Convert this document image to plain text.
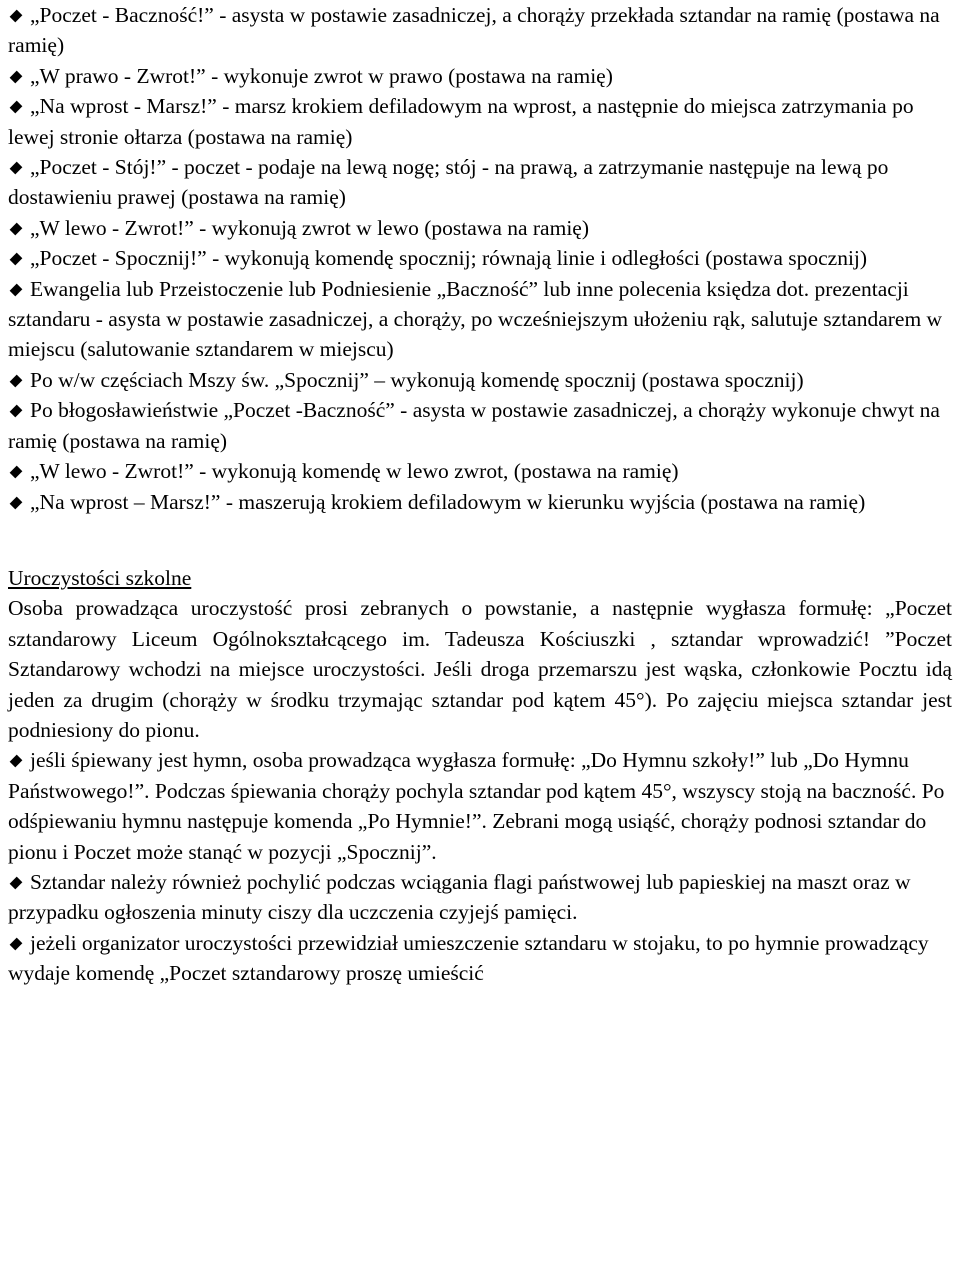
„Poczet - Baczność!” - asysta w postawie zasadniczej, a chorąży przekłada sztandar na ramię (postawa na ramię)

„W prawo - Zwrot!” - wykonuje zwrot w prawo (postawa na ramię)

„Na wprost - Marsz!” - marsz krokiem defiladowym na wprost, a następnie do miejsca zatrzymania po lewej stronie ołtarza (postawa na ramię)

„Poczet - Stój!” - poczet - podaje na lewą nogę; stój - na prawą, a zatrzymanie następuje na lewą po dostawieniu prawej (postawa na ramię)

„W lewo - Zwrot!” - wykonują zwrot w lewo (postawa na ramię)

„Poczet - Spocznij!” - wykonują komendę spocznij; równają linie i odległości (postawa spocznij)

Ewangelia lub Przeistoczenie lub Podniesienie „Baczność” lub inne polecenia księdza dot. prezentacji sztandaru - asysta w postawie zasadniczej, a chorąży, po wcześniejszym ułożeniu rąk, salutuje sztandarem w miejscu (salutowanie sztandarem w miejscu)

Po w/w częściach Mszy św. „Spocznij” – wykonują komendę spocznij (postawa spocznij)

Po błogosławieństwie „Poczet -Baczność” - asysta w postawie zasadniczej, a chorąży wykonuje chwyt na ramię (postawa na ramię)

„W lewo - Zwrot!” - wykonują komendę w lewo zwrot, (postawa na ramię)

„Na wprost – Marsz!” - maszerują krokiem defiladowym w kierunku wyjścia (postawa na ramię)

Uroczystości szkolne

Osoba prowadząca uroczystość prosi zebranych o powstanie, a następnie wygłasza formułę: „Poczet sztandarowy Liceum Ogólnokształcącego im. Tadeusza Kościuszki , sztandar wprowadzić! ”Poczet Sztandarowy wchodzi na miejsce uroczystości. Jeśli droga przemarszu jest wąska, członkowie Pocztu idą jeden za drugim (chorąży w środku trzymając sztandar pod kątem 45°). Po zajęciu miejsca sztandar jest podniesiony do pionu.

jeśli śpiewany jest hymn, osoba prowadząca wygłasza formułę: „Do Hymnu szkoły!” lub „Do Hymnu Państwowego!”. Podczas śpiewania chorąży pochyla sztandar pod kątem 45°, wszyscy stoją na baczność. Po odśpiewaniu hymnu następuje komenda „Po Hymnie!”. Zebrani mogą usiąść, chorąży podnosi sztandar do pionu i Poczet może stanąć w pozycji „Spocznij”.

Sztandar należy również pochylić podczas wciągania flagi państwowej lub papieskiej na maszt oraz w przypadku ogłoszenia minuty ciszy dla uczczenia czyjejś pamięci.

jeżeli organizator uroczystości przewidział umieszczenie sztandaru w stojaku, to po hymnie prowadzący wydaje komendę „Poczet sztandarowy proszę umieścić
